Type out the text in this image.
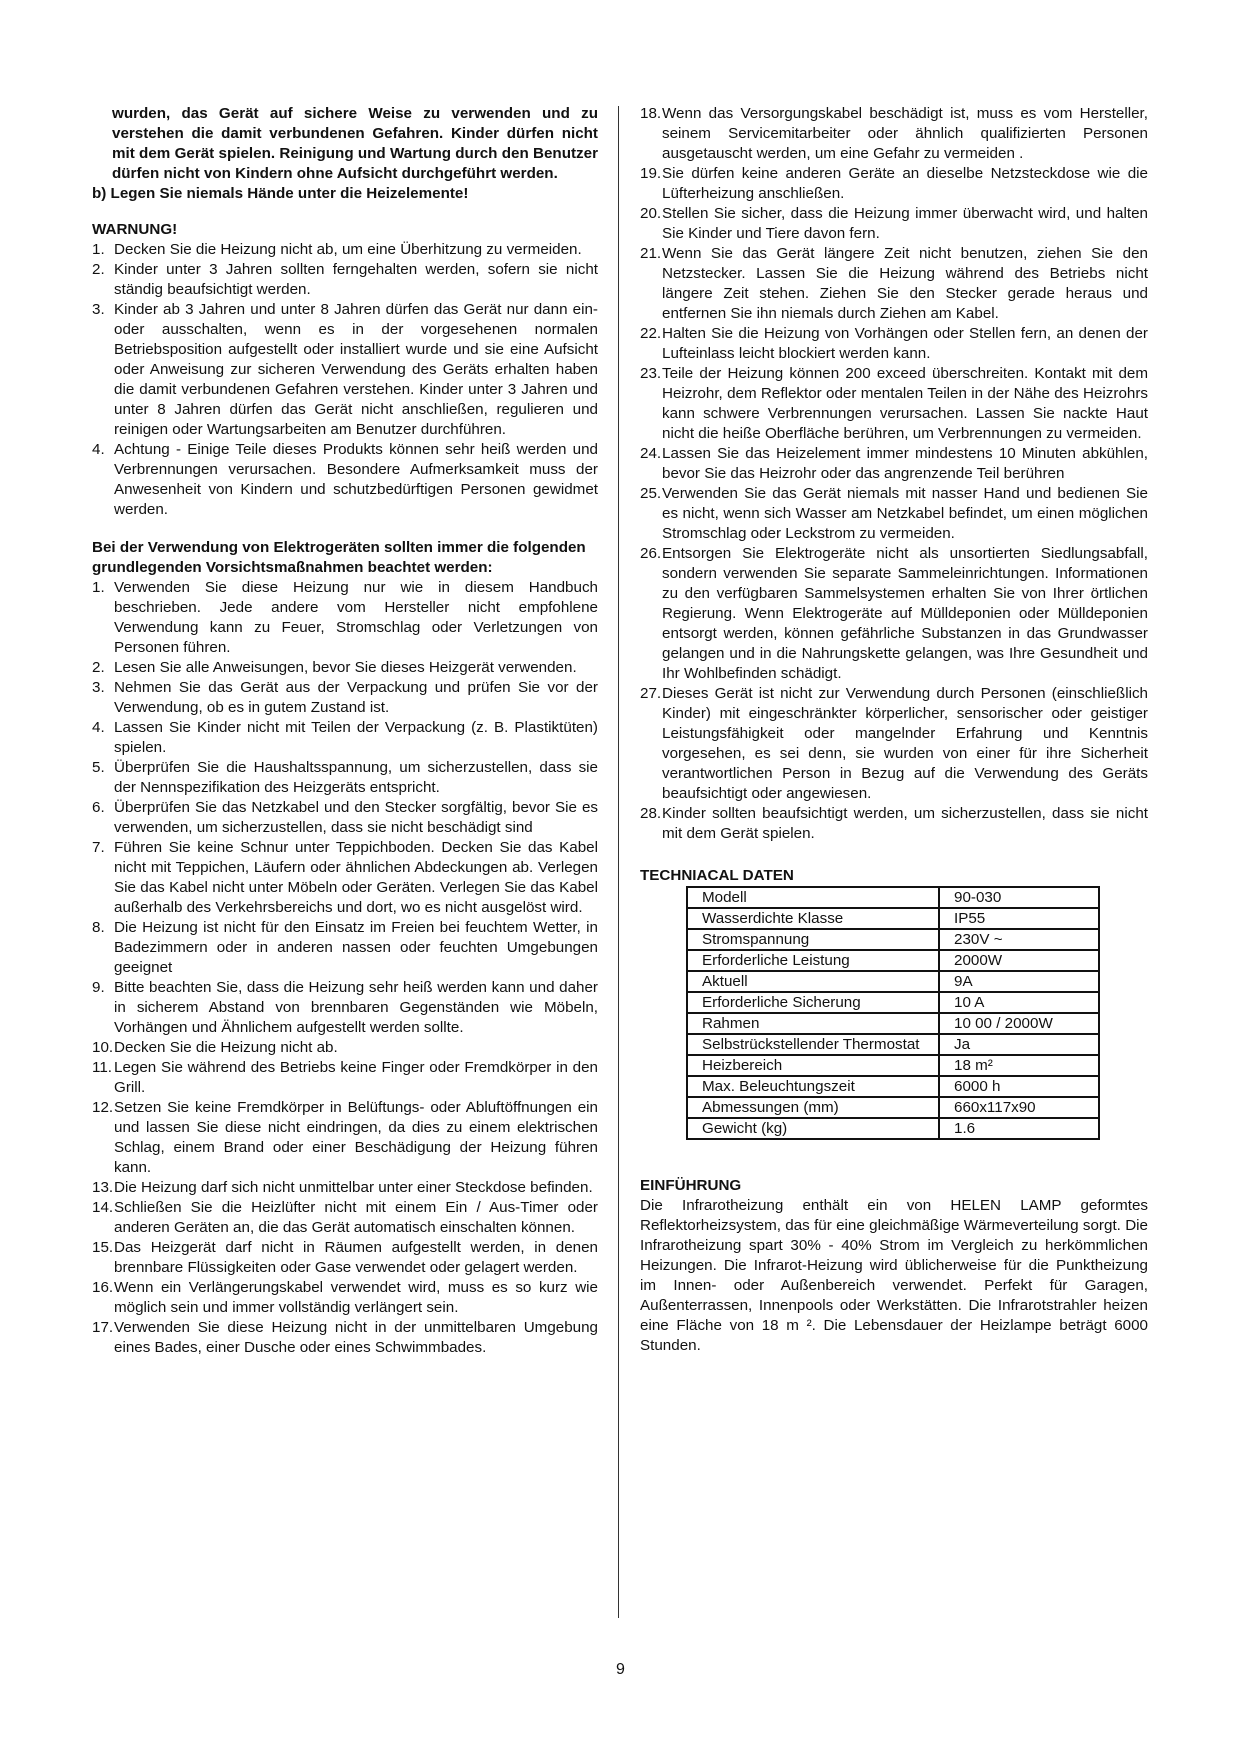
wurden, das Gerät auf sichere Weise zu verwenden und zu verstehen die damit verbundenen Gefahren. Kinder dürfen nicht mit dem Gerät spielen. Reinigung und Wartung durch den Benutzer dürfen nicht von Kindern ohne Aufsicht durchgeführt werden.
b) Legen Sie niemals Hände unter die Heizelemente!
WARNUNG!
1. Decken Sie die Heizung nicht ab, um eine Überhitzung zu vermeiden.
2. Kinder unter 3 Jahren sollten ferngehalten werden, sofern sie nicht ständig beaufsichtigt werden.
3. Kinder ab 3 Jahren und unter 8 Jahren dürfen das Gerät nur dann ein- oder ausschalten, wenn es in der vorgesehenen normalen Betriebsposition aufgestellt oder installiert wurde und sie eine Aufsicht oder Anweisung zur sicheren Verwendung des Geräts erhalten haben die damit verbundenen Gefahren verstehen. Kinder unter 3 Jahren und unter 8 Jahren dürfen das Gerät nicht anschließen, regulieren und reinigen oder Wartungsarbeiten am Benutzer durchführen.
4. Achtung - Einige Teile dieses Produkts können sehr heiß werden und Verbrennungen verursachen. Besondere Aufmerksamkeit muss der Anwesenheit von Kindern und schutzbedürftigen Personen gewidmet werden.
Bei der Verwendung von Elektrogeräten sollten immer die folgenden grundlegenden Vorsichtsmaßnahmen beachtet werden:
1. Verwenden Sie diese Heizung nur wie in diesem Handbuch beschrieben. Jede andere vom Hersteller nicht empfohlene Verwendung kann zu Feuer, Stromschlag oder Verletzungen von Personen führen.
2. Lesen Sie alle Anweisungen, bevor Sie dieses Heizgerät verwenden.
3. Nehmen Sie das Gerät aus der Verpackung und prüfen Sie vor der Verwendung, ob es in gutem Zustand ist.
4. Lassen Sie Kinder nicht mit Teilen der Verpackung (z. B. Plastiktüten) spielen.
5. Überprüfen Sie die Haushaltsspannung, um sicherzustellen, dass sie der Nennspezifikation des Heizgeräts entspricht.
6. Überprüfen Sie das Netzkabel und den Stecker sorgfältig, bevor Sie es verwenden, um sicherzustellen, dass sie nicht beschädigt sind
7. Führen Sie keine Schnur unter Teppichboden. Decken Sie das Kabel nicht mit Teppichen, Läufern oder ähnlichen Abdeckungen ab. Verlegen Sie das Kabel nicht unter Möbeln oder Geräten. Verlegen Sie das Kabel außerhalb des Verkehrsbereichs und dort, wo es nicht ausgelöst wird.
8. Die Heizung ist nicht für den Einsatz im Freien bei feuchtem Wetter, in Badezimmern oder in anderen nassen oder feuchten Umgebungen geeignet
9. Bitte beachten Sie, dass die Heizung sehr heiß werden kann und daher in sicherem Abstand von brennbaren Gegenständen wie Möbeln, Vorhängen und Ähnlichem aufgestellt werden sollte.
10. Decken Sie die Heizung nicht ab.
11. Legen Sie während des Betriebs keine Finger oder Fremdkörper in den Grill.
12. Setzen Sie keine Fremdkörper in Belüftungs- oder Abluftöffnungen ein und lassen Sie diese nicht eindringen, da dies zu einem elektrischen Schlag, einem Brand oder einer Beschädigung der Heizung führen kann.
13. Die Heizung darf sich nicht unmittelbar unter einer Steckdose befinden.
14. Schließen Sie die Heizlüfter nicht mit einem Ein / Aus-Timer oder anderen Geräten an, die das Gerät automatisch einschalten können.
15. Das Heizgerät darf nicht in Räumen aufgestellt werden, in denen brennbare Flüssigkeiten oder Gase verwendet oder gelagert werden.
16. Wenn ein Verlängerungskabel verwendet wird, muss es so kurz wie möglich sein und immer vollständig verlängert sein.
17. Verwenden Sie diese Heizung nicht in der unmittelbaren Umgebung eines Bades, einer Dusche oder eines Schwimmbades.
18. Wenn das Versorgungskabel beschädigt ist, muss es vom Hersteller, seinem Servicemitarbeiter oder ähnlich qualifizierten Personen ausgetauscht werden, um eine Gefahr zu vermeiden .
19. Sie dürfen keine anderen Geräte an dieselbe Netzsteckdose wie die Lüfterheizung anschließen.
20. Stellen Sie sicher, dass die Heizung immer überwacht wird, und halten Sie Kinder und Tiere davon fern.
21. Wenn Sie das Gerät längere Zeit nicht benutzen, ziehen Sie den Netzstecker. Lassen Sie die Heizung während des Betriebs nicht längere Zeit stehen. Ziehen Sie den Stecker gerade heraus und entfernen Sie ihn niemals durch Ziehen am Kabel.
22. Halten Sie die Heizung von Vorhängen oder Stellen fern, an denen der Lufteinlass leicht blockiert werden kann.
23. Teile der Heizung können 200 exceed überschreiten. Kontakt mit dem Heizrohr, dem Reflektor oder mentalen Teilen in der Nähe des Heizrohrs kann schwere Verbrennungen verursachen. Lassen Sie nackte Haut nicht die heiße Oberfläche berühren, um Verbrennungen zu vermeiden.
24. Lassen Sie das Heizelement immer mindestens 10 Minuten abkühlen, bevor Sie das Heizrohr oder das angrenzende Teil berühren
25. Verwenden Sie das Gerät niemals mit nasser Hand und bedienen Sie es nicht, wenn sich Wasser am Netzkabel befindet, um einen möglichen Stromschlag oder Leckstrom zu vermeiden.
26. Entsorgen Sie Elektrogeräte nicht als unsortierten Siedlungsabfall, sondern verwenden Sie separate Sammeleinrichtungen. Informationen zu den verfügbaren Sammelsystemen erhalten Sie von Ihrer örtlichen Regierung. Wenn Elektrogeräte auf Mülldeponien oder Mülldeponien entsorgt werden, können gefährliche Substanzen in das Grundwasser gelangen und in die Nahrungskette gelangen, was Ihre Gesundheit und Ihr Wohlbefinden schädigt.
27. Dieses Gerät ist nicht zur Verwendung durch Personen (einschließlich Kinder) mit eingeschränkter körperlicher, sensorischer oder geistiger Leistungsfähigkeit oder mangelnder Erfahrung und Kenntnis vorgesehen, es sei denn, sie wurden von einer für ihre Sicherheit verantwortlichen Person in Bezug auf die Verwendung des Geräts beaufsichtigt oder angewiesen.
28. Kinder sollten beaufsichtigt werden, um sicherzustellen, dass sie nicht mit dem Gerät spielen.
TECHNIACAL DATEN
Modell	90-030
Wasserdichte Klasse	IP55
Stromspannung	230V ~
Erforderliche Leistung	2000W
Aktuell	9A
Erforderliche Sicherung	10 A
Rahmen	10 00 / 2000W
Selbstrückstellender Thermostat	Ja
Heizbereich	18 m²
Max. Beleuchtungszeit	6000 h
Abmessungen (mm)	660x117x90
Gewicht (kg)	1.6
EINFÜHRUNG
Die Infrarotheizung enthält ein von HELEN LAMP geformtes Reflektorheizsystem, das für eine gleichmäßige Wärmeverteilung sorgt. Die Infrarotheizung spart 30% - 40% Strom im Vergleich zu herkömmlichen Heizungen. Die Infrarot-Heizung wird üblicherweise für die Punktheizung im Innen- oder Außenbereich verwendet. Perfekt für Garagen, Außenterrassen, Innenpools oder Werkstätten. Die Infrarotstrahler heizen eine Fläche von 18 m ². Die Lebensdauer der Heizlampe beträgt 6000 Stunden.
9
